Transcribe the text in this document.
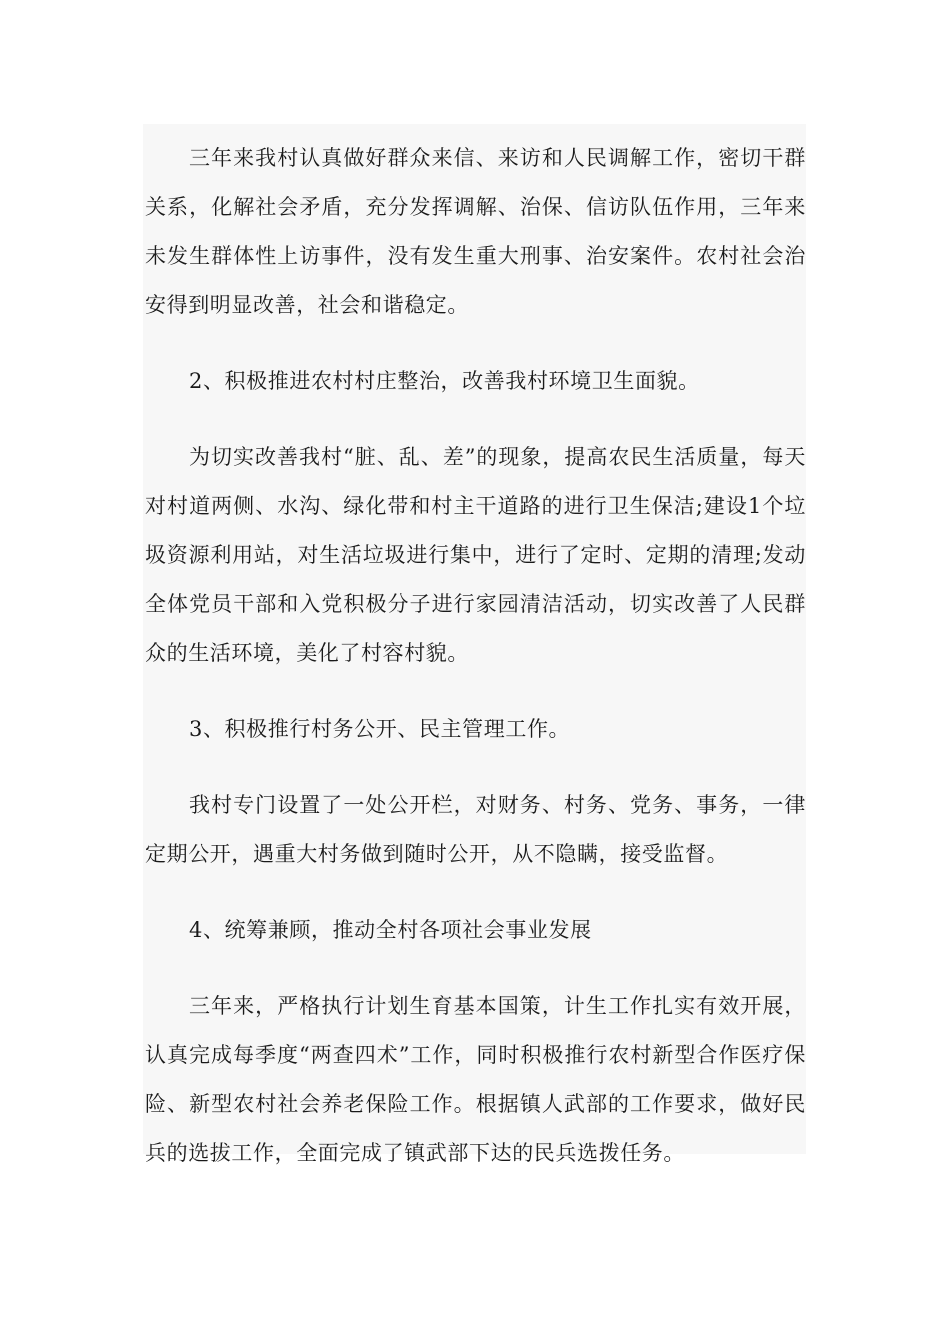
三年来我村认真做好群众来信、来访和人民调解工作，密切干群关系，化解社会矛盾，充分发挥调解、治保、信访队伍作用，三年来未发生群体性上访事件，没有发生重大刑事、治安案件。农村社会治安得到明显改善，社会和谐稳定。

2、积极推进农村村庄整治，改善我村环境卫生面貌。

为切实改善我村“脏、乱、差”的现象，提高农民生活质量，每天对村道两侧、水沟、绿化带和村主干道路的进行卫生保洁;建设1个垃圾资源利用站，对生活垃圾进行集中，进行了定时、定期的清理;发动全体党员干部和入党积极分子进行家园清洁活动，切实改善了人民群众的生活环境，美化了村容村貌。

3、积极推行村务公开、民主管理工作。

我村专门设置了一处公开栏，对财务、村务、党务、事务，一律定期公开，遇重大村务做到随时公开，从不隐瞒，接受监督。

4、统筹兼顾，推动全村各项社会事业发展

三年来，严格执行计划生育基本国策，计生工作扎实有效开展，认真完成每季度“两查四术”工作，同时积极推行农村新型合作医疗保险、新型农村社会养老保险工作。根据镇人武部的工作要求，做好民兵的选拔工作，全面完成了镇武部下达的民兵选拨任务。
